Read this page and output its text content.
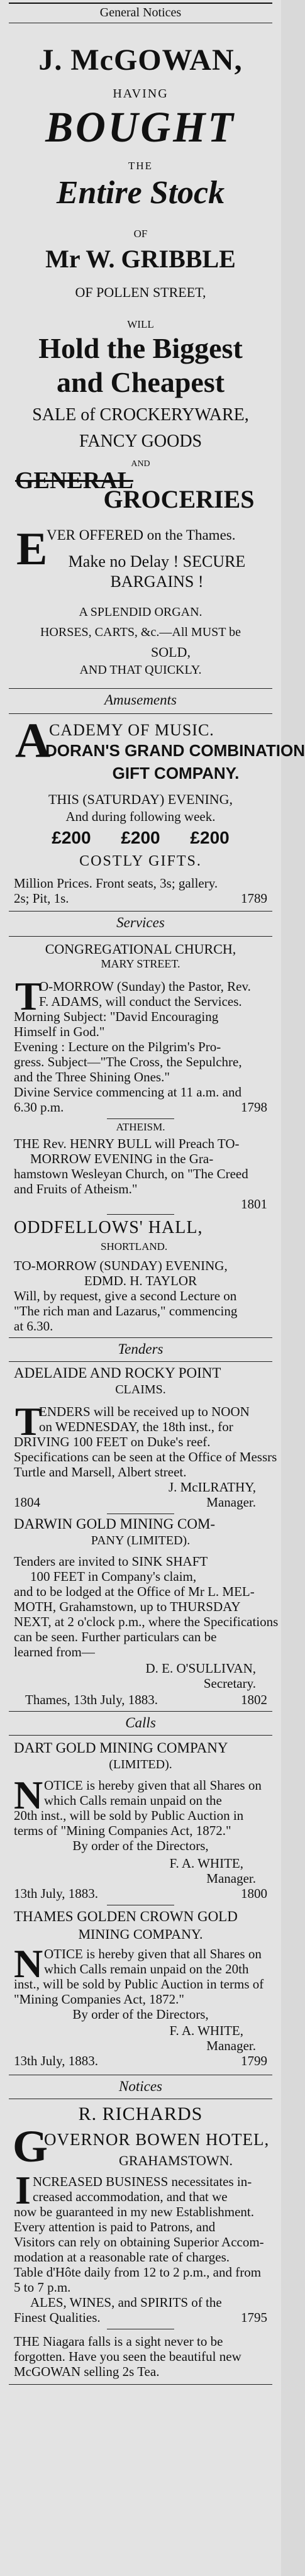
General Notices
J. McGOWAN,
HAVING
BOUGHT
THE
Entire Stock
OF
Mr W. GRIBBLE
OF POLLEN STREET,
WILL
Hold the Biggest
and Cheapest
SALE of CROCKERYWARE,
FANCY GOODS
AND
GENERAL
GROCERIES
E
VER OFFERED on the Thames.
Make no Delay ! SECURE
BARGAINS !
A SPLENDID ORGAN.
HORSES, CARTS, &c.—All MUST be
SOLD,
AND THAT QUICKLY.
Amusements
A
CADEMY OF MUSIC.
DORAN'S GRAND COMBINATION
GIFT COMPANY.
THIS (SATURDAY) EVENING,
And during following week.
£200 £200 £200
COSTLY GIFTS.
Million Prices. Front seats, 3s; gallery.
2s; Pit, 1s.	1789
Services
CONGREGATIONAL CHURCH,
MARY STREET.
T
O-MORROW (Sunday) the Pastor, Rev.
F. ADAMS, will conduct the Services.
Morning Subject: "David Encouraging
Himself in God."
Evening : Lecture on the Pilgrim's Pro-
gress. Subject—"The Cross, the Sepulchre,
and the Three Shining Ones."
Divine Service commencing at 11 a.m. and
6.30 p.m.	1798
ATHEISM.
THE Rev. HENRY BULL will Preach TO-
MORROW EVENING in the Gra-
hamstown Wesleyan Church, on "The Creed
and Fruits of Atheism."
1801
ODDFELLOWS' HALL,
SHORTLAND.
TO-MORROW (SUNDAY) EVENING,
EDMD. H. TAYLOR
Will, by request, give a second Lecture on
"The rich man and Lazarus," commencing
at 6.30.
Tenders
ADELAIDE AND ROCKY POINT
CLAIMS.
T
ENDERS will be received up to NOON
on WEDNESDAY, the 18th inst., for
DRIVING 100 FEET on Duke's reef.
Specifications can be seen at the Office of Messrs
Turtle and Marsell, Albert street.
J. McILRATHY,
1804	Manager.
DARWIN GOLD MINING COM-
PANY (LIMITED).
Tenders are invited to SINK SHAFT
100 FEET in Company's claim,
and to be lodged at the Office of Mr L. MEL-
MOTH, Grahamstown, up to THURSDAY
NEXT, at 2 o'clock p.m., where the Specifications
can be seen. Further particulars can be
learned from—
D. E. O'SULLIVAN,
Secretary.
Thames, 13th July, 1883.	1802
Calls
DART GOLD MINING COMPANY
(LIMITED).
N OTICE is hereby given that all Shares on
which Calls remain unpaid on the
20th inst., will be sold by Public Auction in
terms of "Mining Companies Act, 1872."
By order of the Directors,
F. A. WHITE,
Manager.
13th July, 1883.	1800
THAMES GOLDEN CROWN GOLD
MINING COMPANY.
N OTICE is hereby given that all Shares on
which Calls remain unpaid on the 20th
inst., will be sold by Public Auction in terms of
"Mining Companies Act, 1872."
By order of the Directors,
F. A. WHITE,
Manager.
13th July, 1883.	1799
Notices
R. RICHARDS
G
OVERNOR BOWEN HOTEL,
GRAHAMSTOWN.
I NCREASED BUSINESS necessitates in-
creased accommodation, and that we
now be guaranteed in my new Establishment.
Every attention is paid to Patrons, and
Visitors can rely on obtaining Superior Accom-
modation at a reasonable rate of charges.
Table d'Hôte daily from 12 to 2 p.m., and from
5 to 7 p.m.
ALES, WINES, and SPIRITS of the
Finest Qualities.	1795
THE Niagara falls is a sight never to be
forgotten. Have you seen the beautiful new
McGOWAN selling 2s Tea.
